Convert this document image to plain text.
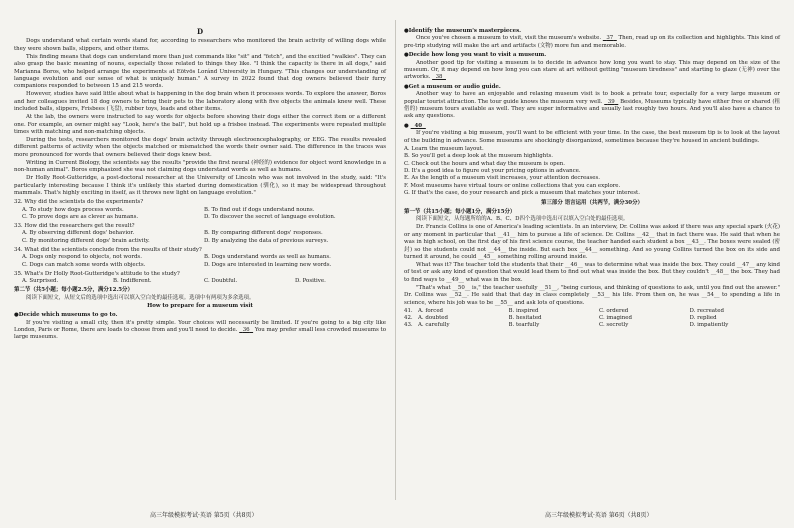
D

Dogs understand what certain words stand for, according to researchers who monitored the brain activity of willing dogs while they were shown balls, slippers, and other items.

This finding means that dogs can understand more than just commands like "sit" and "fetch", and the excitied "walkies". They can also grasp the basic meaning of nouns, especially those related to things they like. "I think the capacity is there in all dogs," said Marianna Boros, who helped arrange the experiments at Eötvös Loránd University in Hungary. "This changes our understanding of language evolution and our sense of what is uniquely human." A survey in 2022 found that dog owners believed their furry companions responded to between 15 and 215 words.

However, studies have said little about what is happening in the dog brain when it processes words. To explore the answer, Boros and her colleagues invited 18 dog owners to bring their pets to the laboratory along with five objects the animals knew well. These included balls, slippers, Frisbees (飞盘), rubber toys, leads and other items.

At the lab, the owners were instructed to say words for objects before showing their dogs either the correct item or a different one. For example, an owner might say "Look, here's the ball", but hold up a frisbee instead. The experiments were repeated multiple times with matching and non-matching objects.

During the tests, researchers monitored the dogs' brain activity through electroencephalography, or EEG. The results revealed different patterns of activity when the objects matched or mismatched the words their owner said. The difference in the traces was more pronounced for words that owners believed their dogs knew best.

Writing in Current Biology, the scientists say the results "provide the first neural (神经的) evidence for object word knowledge in a non-human animal". Boros emphasized she was not claiming dogs understand words as well as humans.

Dr Holly Root-Gutteridge, a post-doctoral researcher at the University of Lincoln who was not involved in the study, said: "It's particularly interesting because I think it's unlikely this started during domestication (驯化), so it may be widespread throughout mammals. That's highly exciting in itself, as it throws new light on language evolution."

32. Why did the scientists do the experiments?
A. To study how dogs process words.	B. To find out if dogs understand nouns.
C. To prove dogs are as clever as humans.	D. To discover the secret of language evolution.
33. How did the researchers get the result?
A. By observing different dogs' behavior.	B. By comparing different dogs' responses.
C. By monitoring different dogs' brain activity.	D. By analyzing the data of previous surveys.
34. What did the scientists conclude from the results of their study?
A. Dogs only respond to objects, not words.	B. Dogs understand words as well as humans.
C. Dogs can match some words with objects.	D. Dogs are interested in learning new words.
35. What's Dr Holly Root-Gutteridge's attitude to the study?
A. Surprised.	B. Indifferent.	C. Doubtful.	D. Positive.
第二节（共5小题；每小题2.5分，满分12.5分）

阅读下面短文，从短文后的选项中选出可以填入空白处的最佳选项。选项中有两项为多余选项。

How to prepare for a museum visit
●Decide which museums to go to.

If you're visiting a small city, then it's pretty simple. Your choices will necessarily be limited. If you're going to a big city like London, Paris or Rome, there are loads to choose from and you'll need to decide. 36 You may prefer small less crowded museums to large museums.

●Identify the museum's masterpieces.

Once you've chosen a museum to visit, visit the museum's website. 37 Then, read up on its collection and highlights. This kind of pre-trip studying will make the art and artifacts (文物) more fun and memorable.

●Decide how long you want to visit a museum.

Another good tip for visiting a museum is to decide in advance how long you want to stay. This may depend on the size of the museum. Or, it may depend on how long you can stare at art without getting "museum tiredness" and starting to glaze (无神) over the artworks. 38

●Get a museum or audio guide.

Another way to have an enjoyable and relaxing museum visit is to book a private tour, especially for a very large museum or popular tourist attraction. The tour guide knows the museum very well. 39 Besides, Museums typically have either free or shared (租借的) museum tours available as well. They are super informative and usually last roughly two hours. And you'll also have a chance to ask any questions.

●   40

If you're visiting a big museum, you'll want to be efficient with your time. In the case, the best museum tip is to look at the layout of the building in advance. Some museums are shockingly disorganized, sometimes because they're housed in ancient buildings.

A. Learn the museum layout.

B. So you'll get a deep look at the museum highlights.

C. Check out the hours and what day the museum is open.

D. It's a good idea to figure out your pricing options in advance.

E. As the length of a museum visit increases, your attention decreases.

F. Most museums have virtual tours or online collections that you can explore.

G. If that's the case, do your research and pick a museum that matches your interest.

第三部分 语言运用（共两节，满分30分）
第一节（共15小题；每小题1分，满分15分）

阅读下面短文，从每题所给的A、B、C、D四个选项中选出可以填入空白处的最佳选项。

Dr. Francis Collins is one of America's leading scientists. In an interview, Dr. Collins was asked if there was any special spark (火花) or any moment in particular that __41__ him to pursue a life of science. Dr. Collins __42__ that in fact there was. He said that when he was in high school, on the first day of his first science course, the teacher handed each student a box __43__. The boxes were sealed (密封) so the students could not __44__ the inside. But each box __44__ something. And so young Collins turned the box on its side and turned it around, he could __45__ something rolling around inside.

What was it? The teacher told the students that their __46__ was to determine what was inside the box. They could __47__ any kind of test or ask any kind of question that would lead them to find out what was inside the box. But they couldn't __48__ the box. They had to find ways to __49__ what was in the box.

"That's what __50__ is," the teacher usefully __51__, "being curious, and thinking of questions to ask, until you find out the answer." Dr. Collins was __52__. He said that that day in class completely __53__ his life. From then on, he was __54__ to spending a life in science, where his job was to be __55__ and ask lots of questions.

41. A. forced	B. inspired	C. ordered	D. recreated
42. A. doubted	B. hesitated	C. imagined	D. replied
43. A. carefully	B. tearfully	C. secretly	D. impatiently
高三年级模拟考试·英语 第5页（共8页）	高三年级模拟考试·英语 第6页（共8页）
